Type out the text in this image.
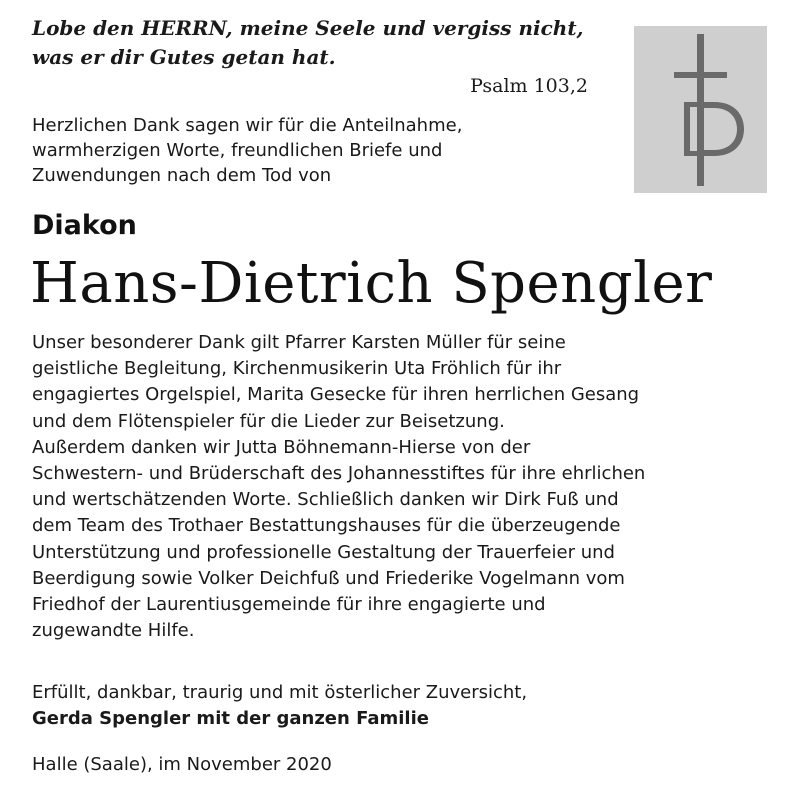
Lobe den HERRN, meine Seele und vergiss nicht,
was er dir Gutes getan hat.
Psalm 103,2
Herzlichen Dank sagen wir für die Anteilnahme,
warmherzigen Worte, freundlichen Briefe und
Zuwendungen nach dem Tod von
Diakon
Hans-Dietrich Spengler
Unser besonderer Dank gilt Pfarrer Karsten Müller für seine
geistliche Begleitung, Kirchenmusikerin Uta Fröhlich für ihr
engagiertes Orgelspiel, Marita Gesecke für ihren herrlichen Gesang
und dem Flötenspieler für die Lieder zur Beisetzung.
Außerdem danken wir Jutta Böhnemann-Hierse von der
Schwestern- und Brüderschaft des Johannesstiftes für ihre ehrlichen
und wertschätzenden Worte. Schließlich danken wir Dirk Fuß und
dem Team des Trothaer Bestattungshauses für die überzeugende
Unterstützung und professionelle Gestaltung der Trauerfeier und
Beerdigung sowie Volker Deichfuß und Friederike Vogelmann vom
Friedhof der Laurentiusgemeinde für ihre engagierte und
zugewandte Hilfe.
Erfüllt, dankbar, traurig und mit österlicher Zuversicht,
Gerda Spengler mit der ganzen Familie
Halle (Saale), im November 2020
